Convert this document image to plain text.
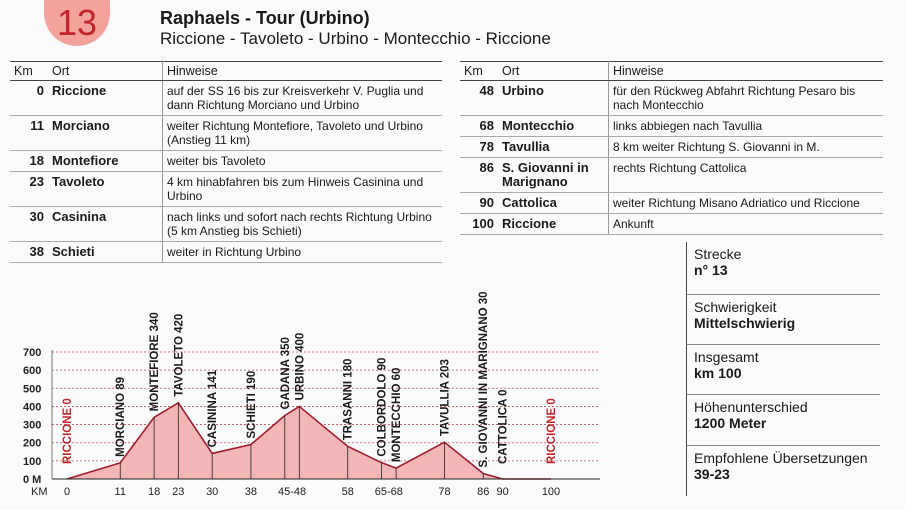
13	Raphaels - Tour (Urbino)
Riccione - Tavoleto - Urbino - Montecchio - Riccione
Km	Ort	Hinweise
0	Riccione	auf der SS 16 bis zur Kreisverkehr V. Puglia und dann Richtung Morciano und Urbino
11	Morciano	weiter Richtung Montefiore, Tavoleto und Urbino (Anstieg 11 km)
18	Montefiore	weiter bis Tavoleto
23	Tavoleto	4 km hinabfahren bis zum Hinweis Casinina und Urbino
30	Casinina	nach links und sofort nach rechts Richtung Urbino (5 km Anstieg bis Schieti)
38	Schieti	weiter in Richtung Urbino
Km	Ort	Hinweise
48	Urbino	für den Rückweg Abfahrt Richtung Pesaro bis nach Montecchio
68	Montecchio	links abbiegen nach Tavullia
78	Tavullia	8 km weiter Richtung S. Giovanni in M.
86	S. Giovanni in Marignano	rechts Richtung Cattolica
90	Cattolica	weiter Richtung Misano Adriatico und Riccione
100	Riccione	Ankunft
Strecke
n° 13
Schwierigkeit
Mittelschwierig
Insgesamt
km 100
Höhenunterschied
1200 Meter
Empfohlene Übersetzungen
39-23
700
600
500
400
300
200
100
0 M
RICCIONE 0	MORCIANO 89
MONTEFIORE 340 TAVOLETO 420
CASININA 141 SCHIETI 190 GADANA 350 URBINO 400	TRASANNI 180 COLBORDOLO 90 MONTECCHIO 60	TAVULLIA 203 S. GIOVANNI IN MARIGNANO 30 CATTOLICA 0	RICCIONE 0
KM 0	11 18 23 30 38 45-48	58 65-68	78 86 90	100
